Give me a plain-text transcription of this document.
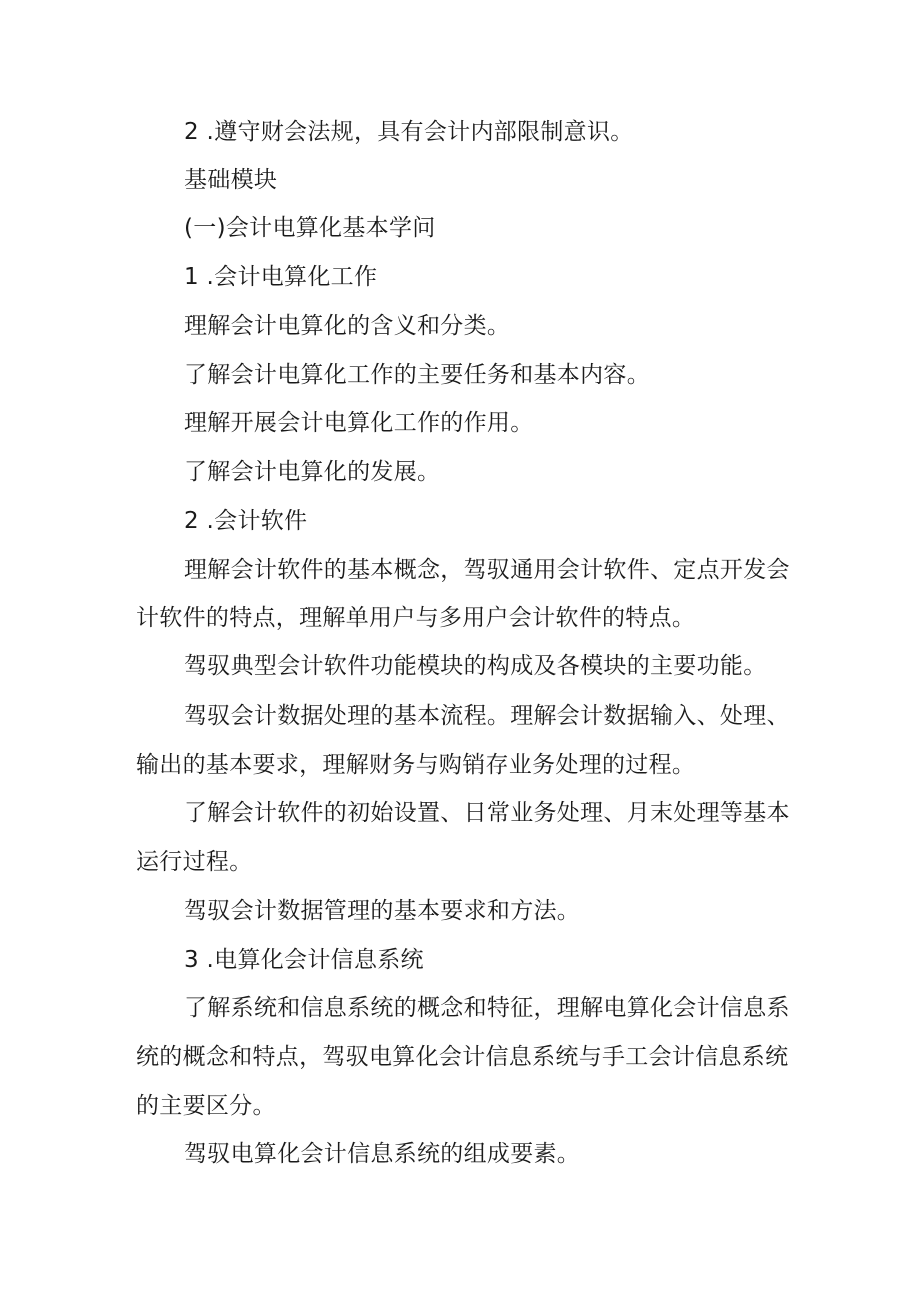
2 .遵守财会法规，具有会计内部限制意识。
基础模块
(一)会计电算化基本学问
1 .会计电算化工作
理解会计电算化的含义和分类。
了解会计电算化工作的主要任务和基本内容。
理解开展会计电算化工作的作用。
了解会计电算化的发展。
2 .会计软件
理解会计软件的基本概念，驾驭通用会计软件、定点开发会
计软件的特点，理解单用户与多用户会计软件的特点。
驾驭典型会计软件功能模块的构成及各模块的主要功能。
驾驭会计数据处理的基本流程。理解会计数据输入、处理、
输出的基本要求，理解财务与购销存业务处理的过程。
了解会计软件的初始设置、日常业务处理、月末处理等基本
运行过程。
驾驭会计数据管理的基本要求和方法。
3 .电算化会计信息系统
了解系统和信息系统的概念和特征，理解电算化会计信息系
统的概念和特点，驾驭电算化会计信息系统与手工会计信息系统
的主要区分。
驾驭电算化会计信息系统的组成要素。
